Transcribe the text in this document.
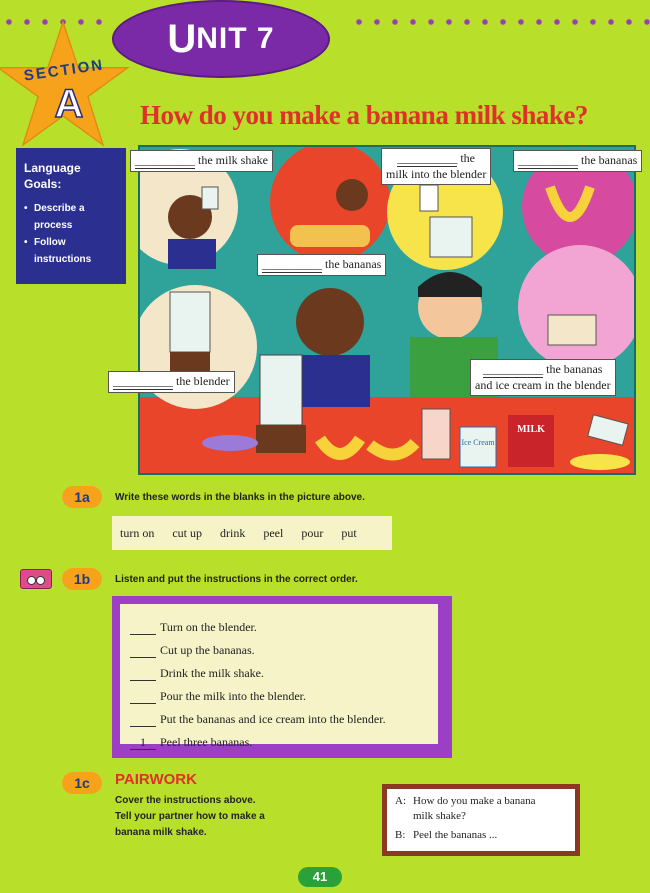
U NIT 7
SECTION
A	How do you make a banana milk shake?
Language Goals:
• Describe a process
• Follow instructions
Ice Cream
MILK
__________ the milk shake	__________ the
milk into the blender
__________ the bananas
__________ the bananas
__________ the blender
__________ the bananas
and ice cream in the blender
1a	Write these words in the blanks in the picture above.
turn on cut up drink peel pour put
1b	Listen and put the instructions in the correct order.
Turn on the blender.
Cut up the bananas.
Drink the milk shake.
Pour the milk into the blender.
Put the bananas and ice cream into the blender.
1	Peel three bananas.
1c	PAIRWORK
Cover the instructions above.
Tell your partner how to make a
banana milk shake.
A: How do you make a banana
milk shake?
B: Peel the bananas ...
41
